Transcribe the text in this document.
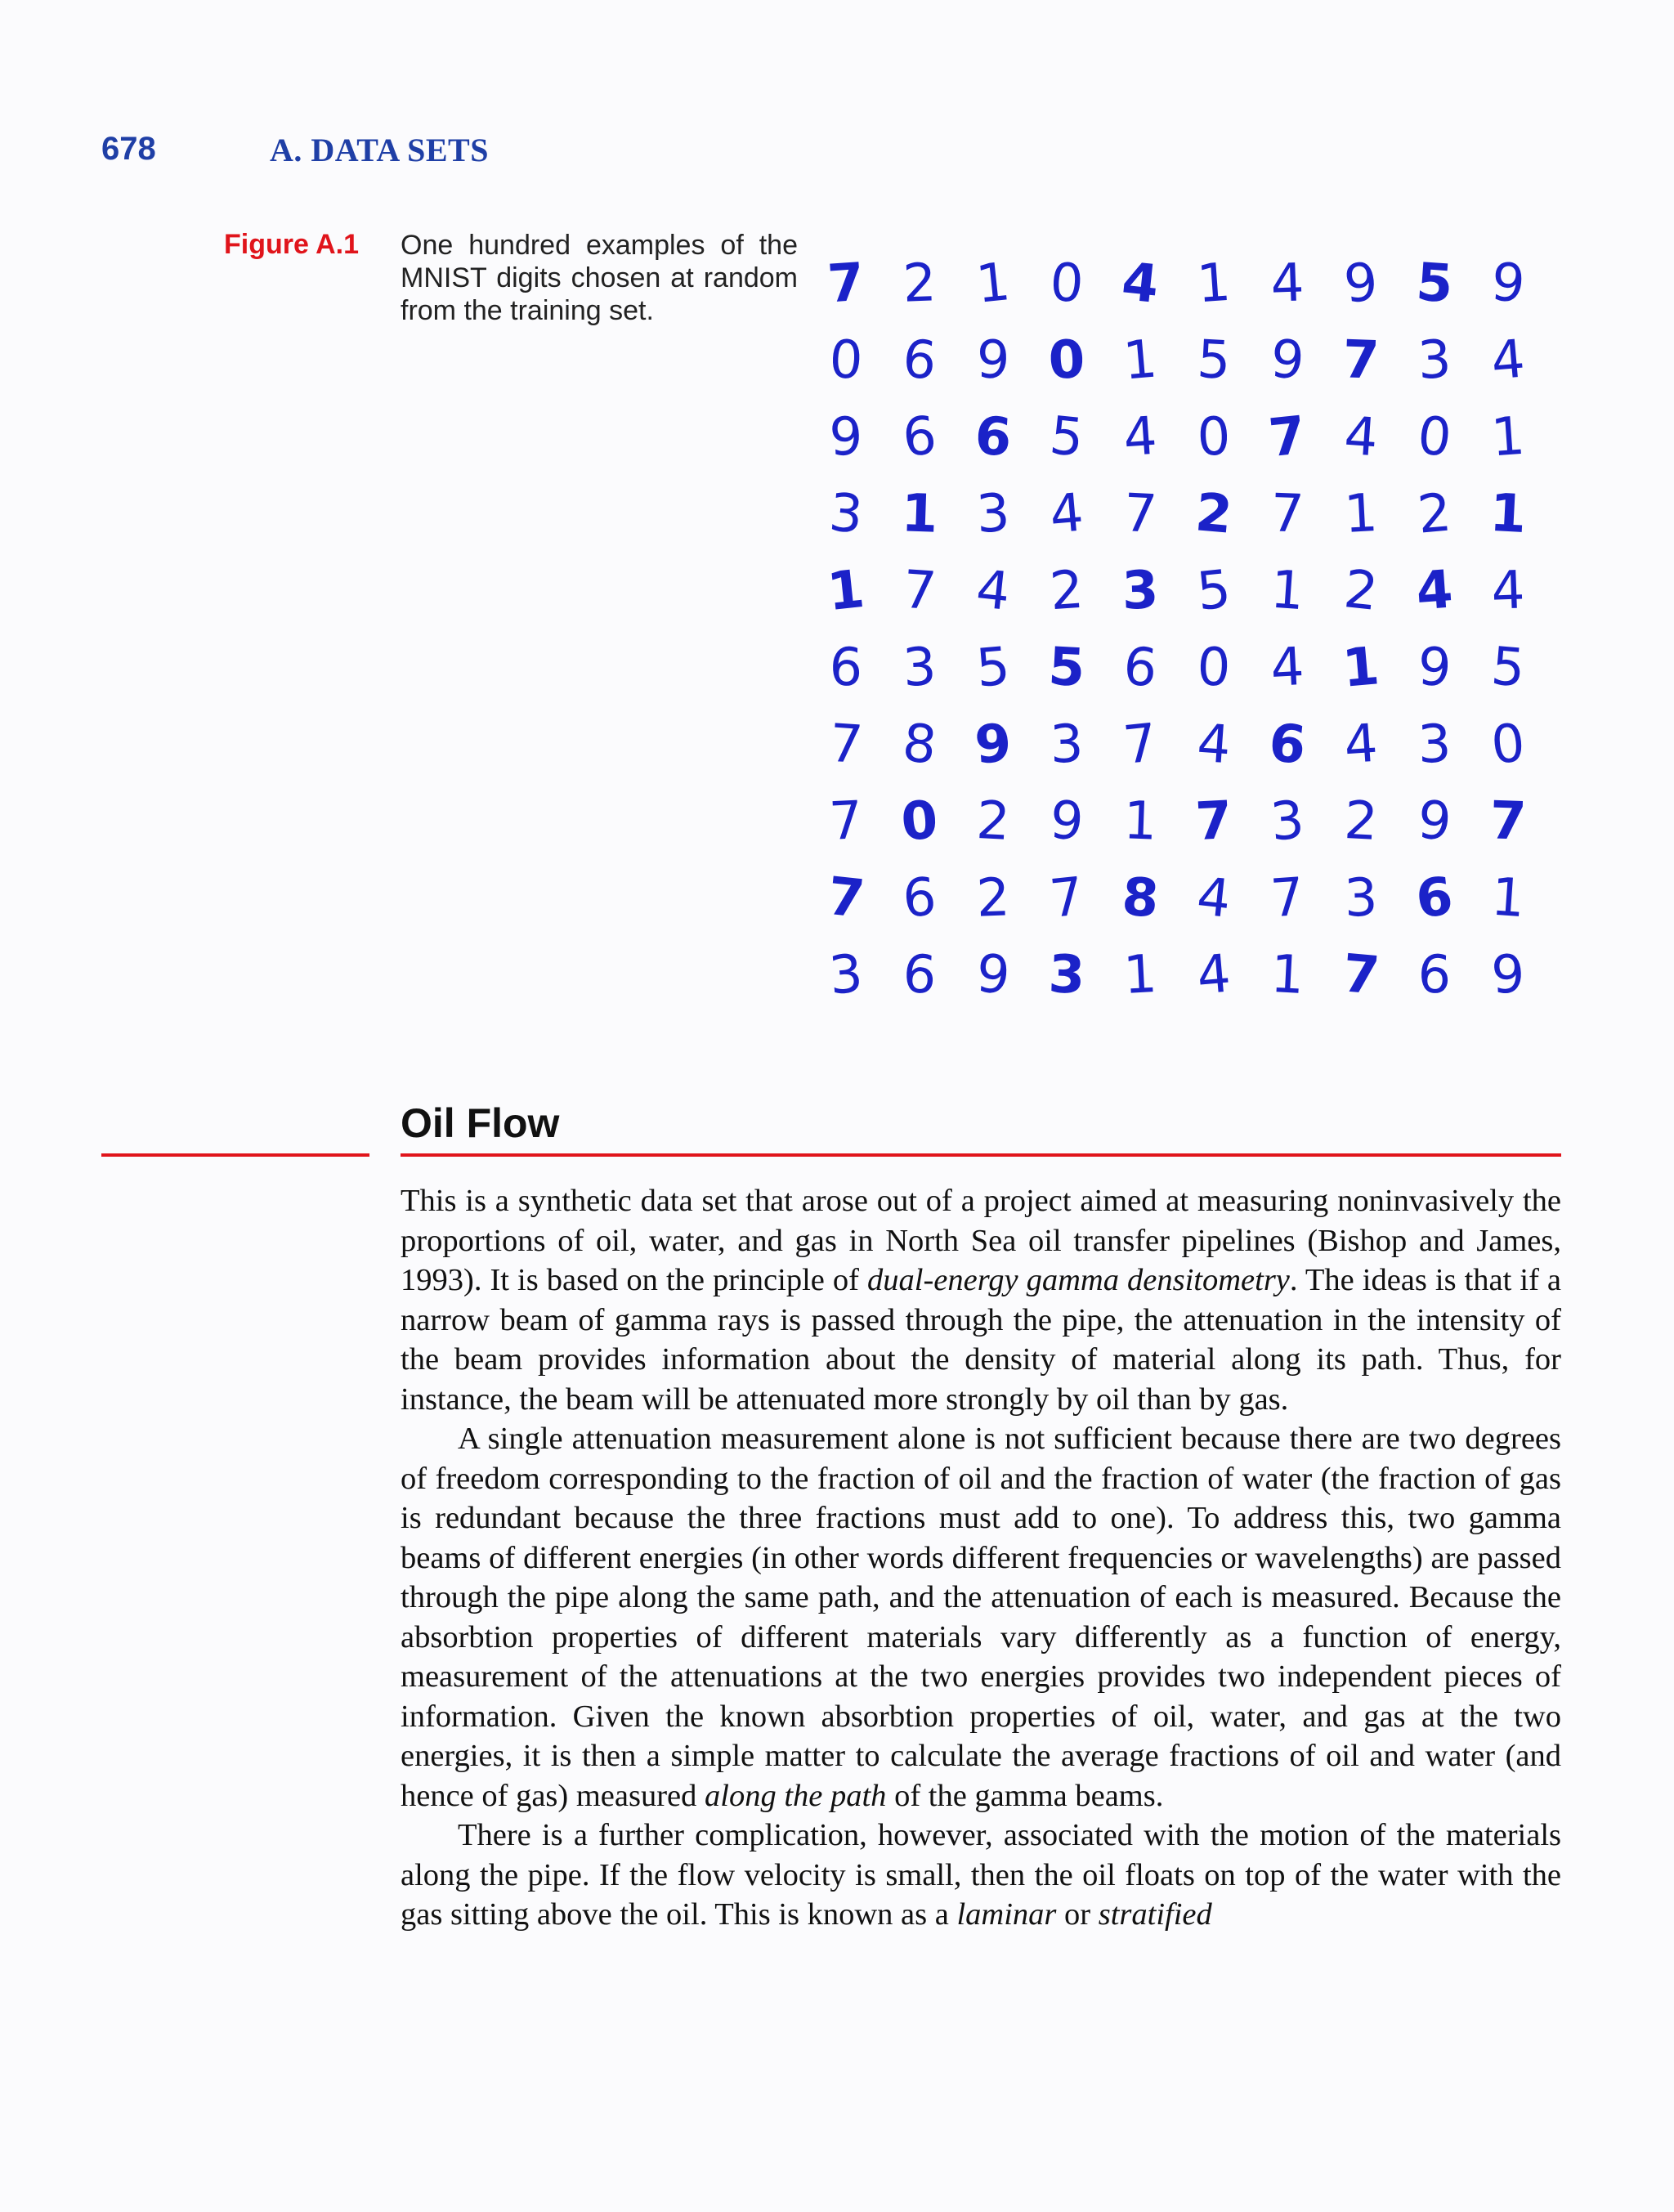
678	A. DATA SETS
Figure A.1 One hundred examples of the MNIST digits chosen at random from the training set.	7 2 1 0 4 1 4 9 5 9
0 6 9 0 1 5 9 7 3 4
9 6 6 5 4 0 7 4 0 1
3 1 3 4 7 2 7 1 2 1
1 7 4 2 3 5 1 2 4 4
6 3 5 5 6 0 4 1 9 5
7 8 9 3 7 4 6 4 3 0
7 0 2 9 1 7 3 2 9 7
7 6 2 7 8 4 7 3 6 1
3 6 9 3 1 4 1 7 6 9
Oil Flow

This is a synthetic data set that arose out of a project aimed at measuring noninvasively the proportions of oil, water, and gas in North Sea oil transfer pipelines (Bishop and James, 1993). It is based on the principle of dual-energy gamma densitometry. The ideas is that if a narrow beam of gamma rays is passed through the pipe, the attenuation in the intensity of the beam provides information about the density of material along its path. Thus, for instance, the beam will be attenuated more strongly by oil than by gas.

A single attenuation measurement alone is not sufficient because there are two degrees of freedom corresponding to the fraction of oil and the fraction of water (the fraction of gas is redundant because the three fractions must add to one). To address this, two gamma beams of different energies (in other words different frequencies or wavelengths) are passed through the pipe along the same path, and the attenuation of each is measured. Because the absorbtion properties of different materials vary differently as a function of energy, measurement of the attenuations at the two energies provides two independent pieces of information. Given the known absorbtion properties of oil, water, and gas at the two energies, it is then a simple matter to calculate the average fractions of oil and water (and hence of gas) measured along the path of the gamma beams.

There is a further complication, however, associated with the motion of the materials along the pipe. If the flow velocity is small, then the oil floats on top of the water with the gas sitting above the oil. This is known as a laminar or stratified
